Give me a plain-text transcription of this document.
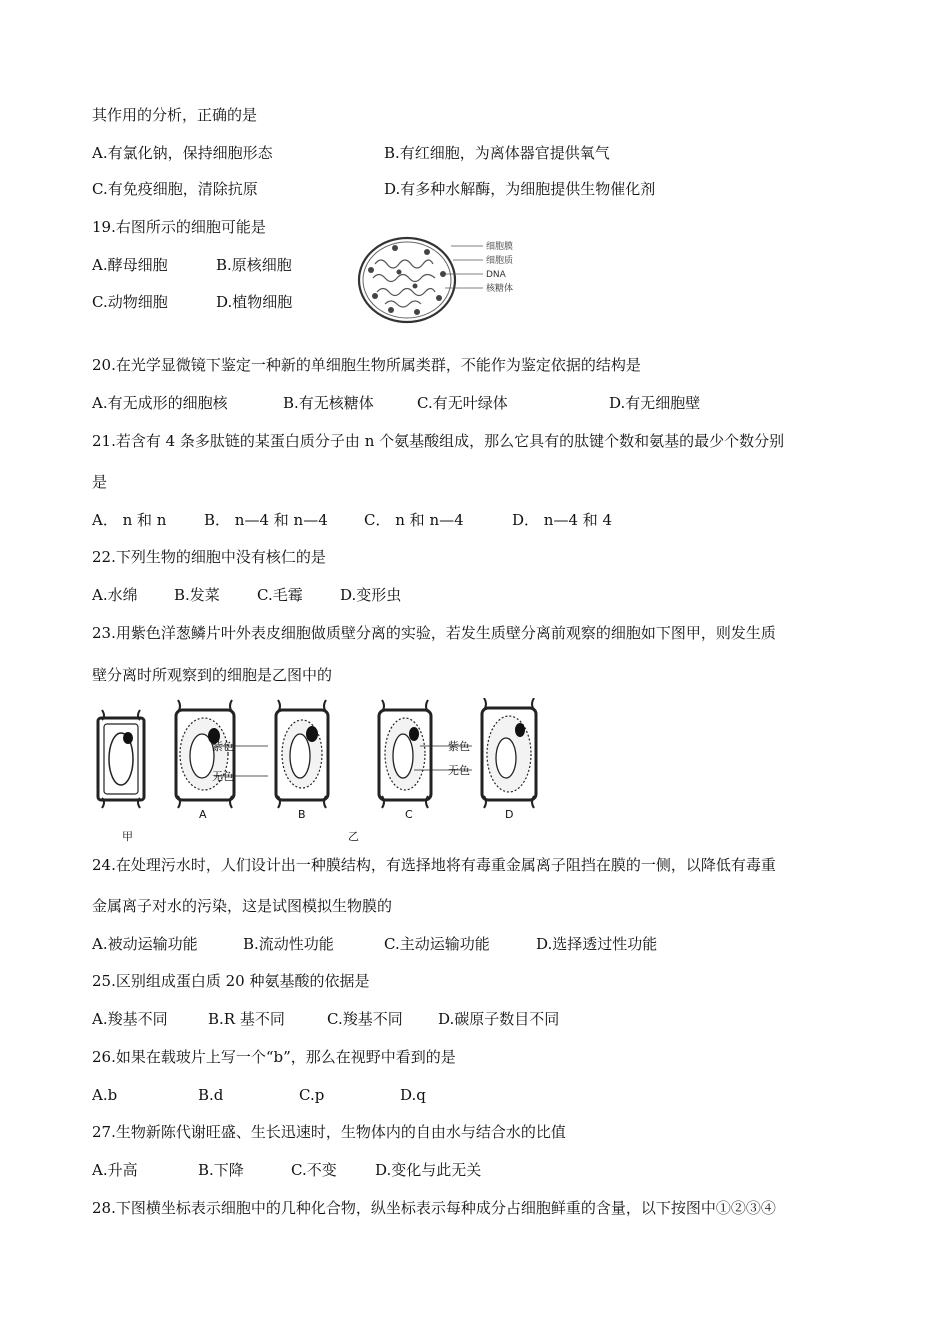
其作用的分析，正确的是
A.有氯化钠，保持细胞形态	B.有红细胞，为离体器官提供氧气
C.有免疫细胞，清除抗原	D.有多种水解酶，为细胞提供生物催化剂
19.右图所示的细胞可能是
A.酵母细胞	B.原核细胞
C.动物细胞	D.植物细胞
细胞膜
细胞质
DNA
核糖体
20.在光学显微镜下鉴定一种新的单细胞生物所属类群，不能作为鉴定依据的结构是
A.有无成形的细胞核	B.有无核糖体	C.有无叶绿体	D.有无细胞壁
21.若含有 4 条多肽链的某蛋白质分子由 n 个氨基酸组成，那么它具有的肽键个数和氨基的最少个数分别
是
A． n 和 n	B． n—4 和 n—4 C． n 和 n—4	D． n—4 和 4
22.下列生物的细胞中没有核仁的是
A.水绵 B.发菜 C.毛霉 D.变形虫
23.用紫色洋葱鳞片叶外表皮细胞做质壁分离的实验，若发生质壁分离前观察的细胞如下图甲，则发生质
壁分离时所观察到的细胞是乙图中的
A
紫色
无色
B	C
紫色
无色
D
甲	乙
24.在处理污水时，人们设计出一种膜结构，有选择地将有毒重金属离子阻挡在膜的一侧，以降低有毒重
金属离子对水的污染，这是试图模拟生物膜的
A.被动运输功能	B.流动性功能	C.主动运输功能	D.选择透过性功能
25.区别组成蛋白质 20 种氨基酸的依据是
A.羧基不同	B.R 基不同	C.羧基不同 D.碳原子数目不同
26.如果在载玻片上写一个“b”，那么在视野中看到的是
A.b	B.d	C.p	D.q
27.生物新陈代谢旺盛、生长迅速时，生物体内的自由水与结合水的比值
A.升高	B.下降	C.不变	D.变化与此无关
28.下图横坐标表示细胞中的几种化合物，纵坐标表示每种成分占细胞鲜重的含量，以下按图中①②③④
